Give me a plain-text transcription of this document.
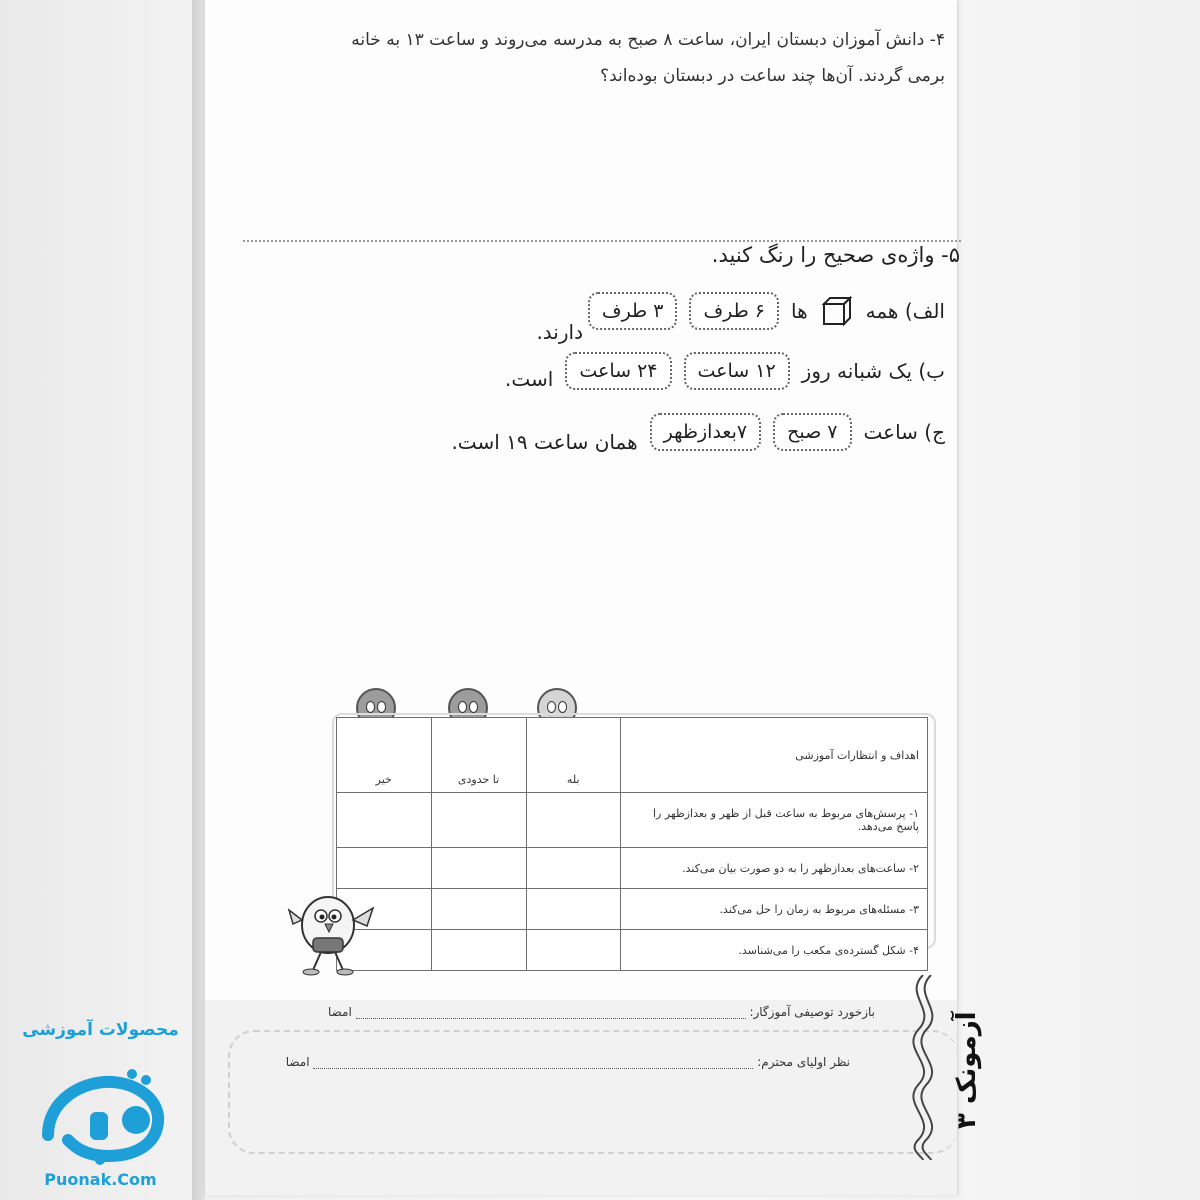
۴- دانش آموزان دبستان ایران، ساعت ۸ صبح به مدرسه می‌روند و ساعت ۱۳ به خانه
برمی گردند. آن‌ها چند ساعت در دبستان بوده‌اند؟
۵- واژه‌ی صحیح را رنگ کنید.
الف) همه
ها
۶ طرف
۳ طرف
دارند.
ب) یک شبانه روز
۱۲ ساعت
۲۴ ساعت
است.
ج) ساعت
۷ صبح
۷بعدازظهر
همان ساعت ۱۹ است.
اهداف و انتظارات آموزشی	بله	تا حدودی	خیر
۱- پرسش‌های مربوط به ساعت قبل از ظهر و بعدازظهر را پاسخ می‌دهد.			
۲- ساعت‌های بعدازظهر را به دو صورت بیان می‌کند.			
۳- مسئله‌های مربوط به زمان را حل می‌کند.			
۴- شکل گسترده‌ی مکعب را می‌شناسد.			
بازخورد توصیفی آموزگار:  امضا
نظر اولیای محترم:  امضا
آزمونک ۳
محصولات آموزشی
Puonak.Com
